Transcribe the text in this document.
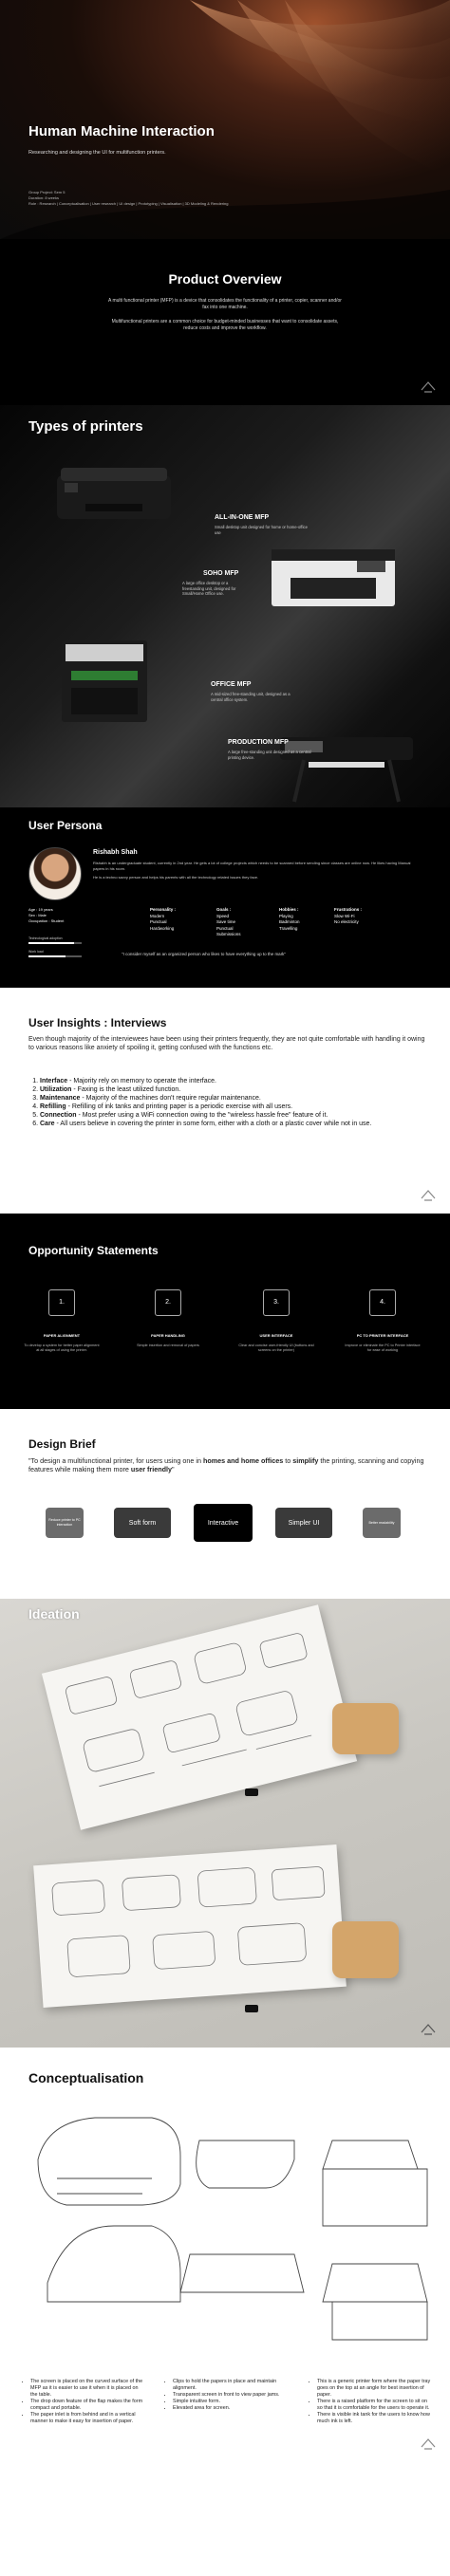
Human Machine Interaction
Researching and designing the UI for multifunction printers.
Group Project: Sem 5
Duration: 8 weeks
Role : Research | Conceptualisation | User research | UI design | Prototyping | Visualisation | 3D Modeling & Rendering
Product Overview

A multi functional printer (MFP) is a device that consolidates the functionality of a printer, copier, scanner and/or fax into one machine.

Multifunctional printers are a common choice for budget-minded businesses that want to consolidate assets, reduce costs and improve the workflow.

Types of printers
ALL-IN-ONE MFP
Small desktop unit designed for home or home-office use
SOHO MFP
A large office desktop or a freestanding unit, designed for Small/Home Office use.
OFFICE MFP
A mid-sized free-standing unit, designed as a central office system.
PRODUCTION MFP
A large free-standing unit designed as a central printing device.
User Persona
Rishabh Shah
Rishabh is an undergraduate student, currently in 2nd year. He gets a lot of college projects which needs to be scanned before sending since classes are online now. He likes having Manual papers in his room.
He is a techno savvy person and helps his parents with all the technology related issues they face.
Age : 19 years
Sex : Male
Occupation : Student
Personality :
Modern
Punctual
Hardworking
Goals :
Speed
Save time
Punctual
Submissions
Hobbies :
Playing
Badminton
Travelling
Frustrations :
Slow Wi-Fi
No electricity
Technological adoption
Work load	"I consider myself as an organized person who likes to have everything up to the mark"
User Insights : Interviews
Even though majority of the interviewees have been using their printers frequently, they are not quite comfortable with handling it owing to various reasons like anxiety of spoiling it, getting confused with the functions etc.
1. Interface - Majority rely on memory to operate the interface.
2. Utilization - Faxing is the least utilized function.
3. Maintenance - Majority of the machines don't require regular maintenance.
4. Refilling - Refilling of ink tanks and printing paper is a periodic exercise with all users.
5. Connection - Most prefer using a WiFi connection owing to the "wireless hassle free" feature of it.
6. Care - All users believe in covering the printer in some form, either with a cloth or a plastic cover while not in use.
Opportunity Statements
1.
PAPER ALIGNMENT
To develop a system for better paper alignment at all stages of using the printer.
2.
PAPER HANDLING
Simple insertion and removal of papers
3.
USER INTERFACE
Clear and concise user-friendly UI (buttons and screens on the printer)
4.
PC TO PRINTER INTERFACE
Improve or eliminate the PC to Printer interface for ease of working
Design Brief
"To design a multifunctional printer, for users using one in homes and home offices to simplify the printing, scanning and copying features while making them more user friendly"
Reduce printer to PC interaction	Soft form	Interactive	Simpler UI	Better readability
Ideation
Conceptualisation
• The screen is placed on the curved surface of the MFP as it is easier to use it when it is placed on the table.
• The drop down feature of the flap makes the form compact and portable.
• The paper inlet is from behind and in a vertical manner to make it easy for insertion of paper.
• Clips to hold the papers in place and maintain alignment.
• Transparent screen in front to view paper jams.
• Simple intuitive form.
• Elevated area for screen.
• This is a generic printer form where the paper tray goes on the top at an angle for best insertion of paper.
• There is a raised platform for the screen to sit on so that it is comfortable for the users to operate it.
• There is visible ink tank for the users to know how much ink is left.
